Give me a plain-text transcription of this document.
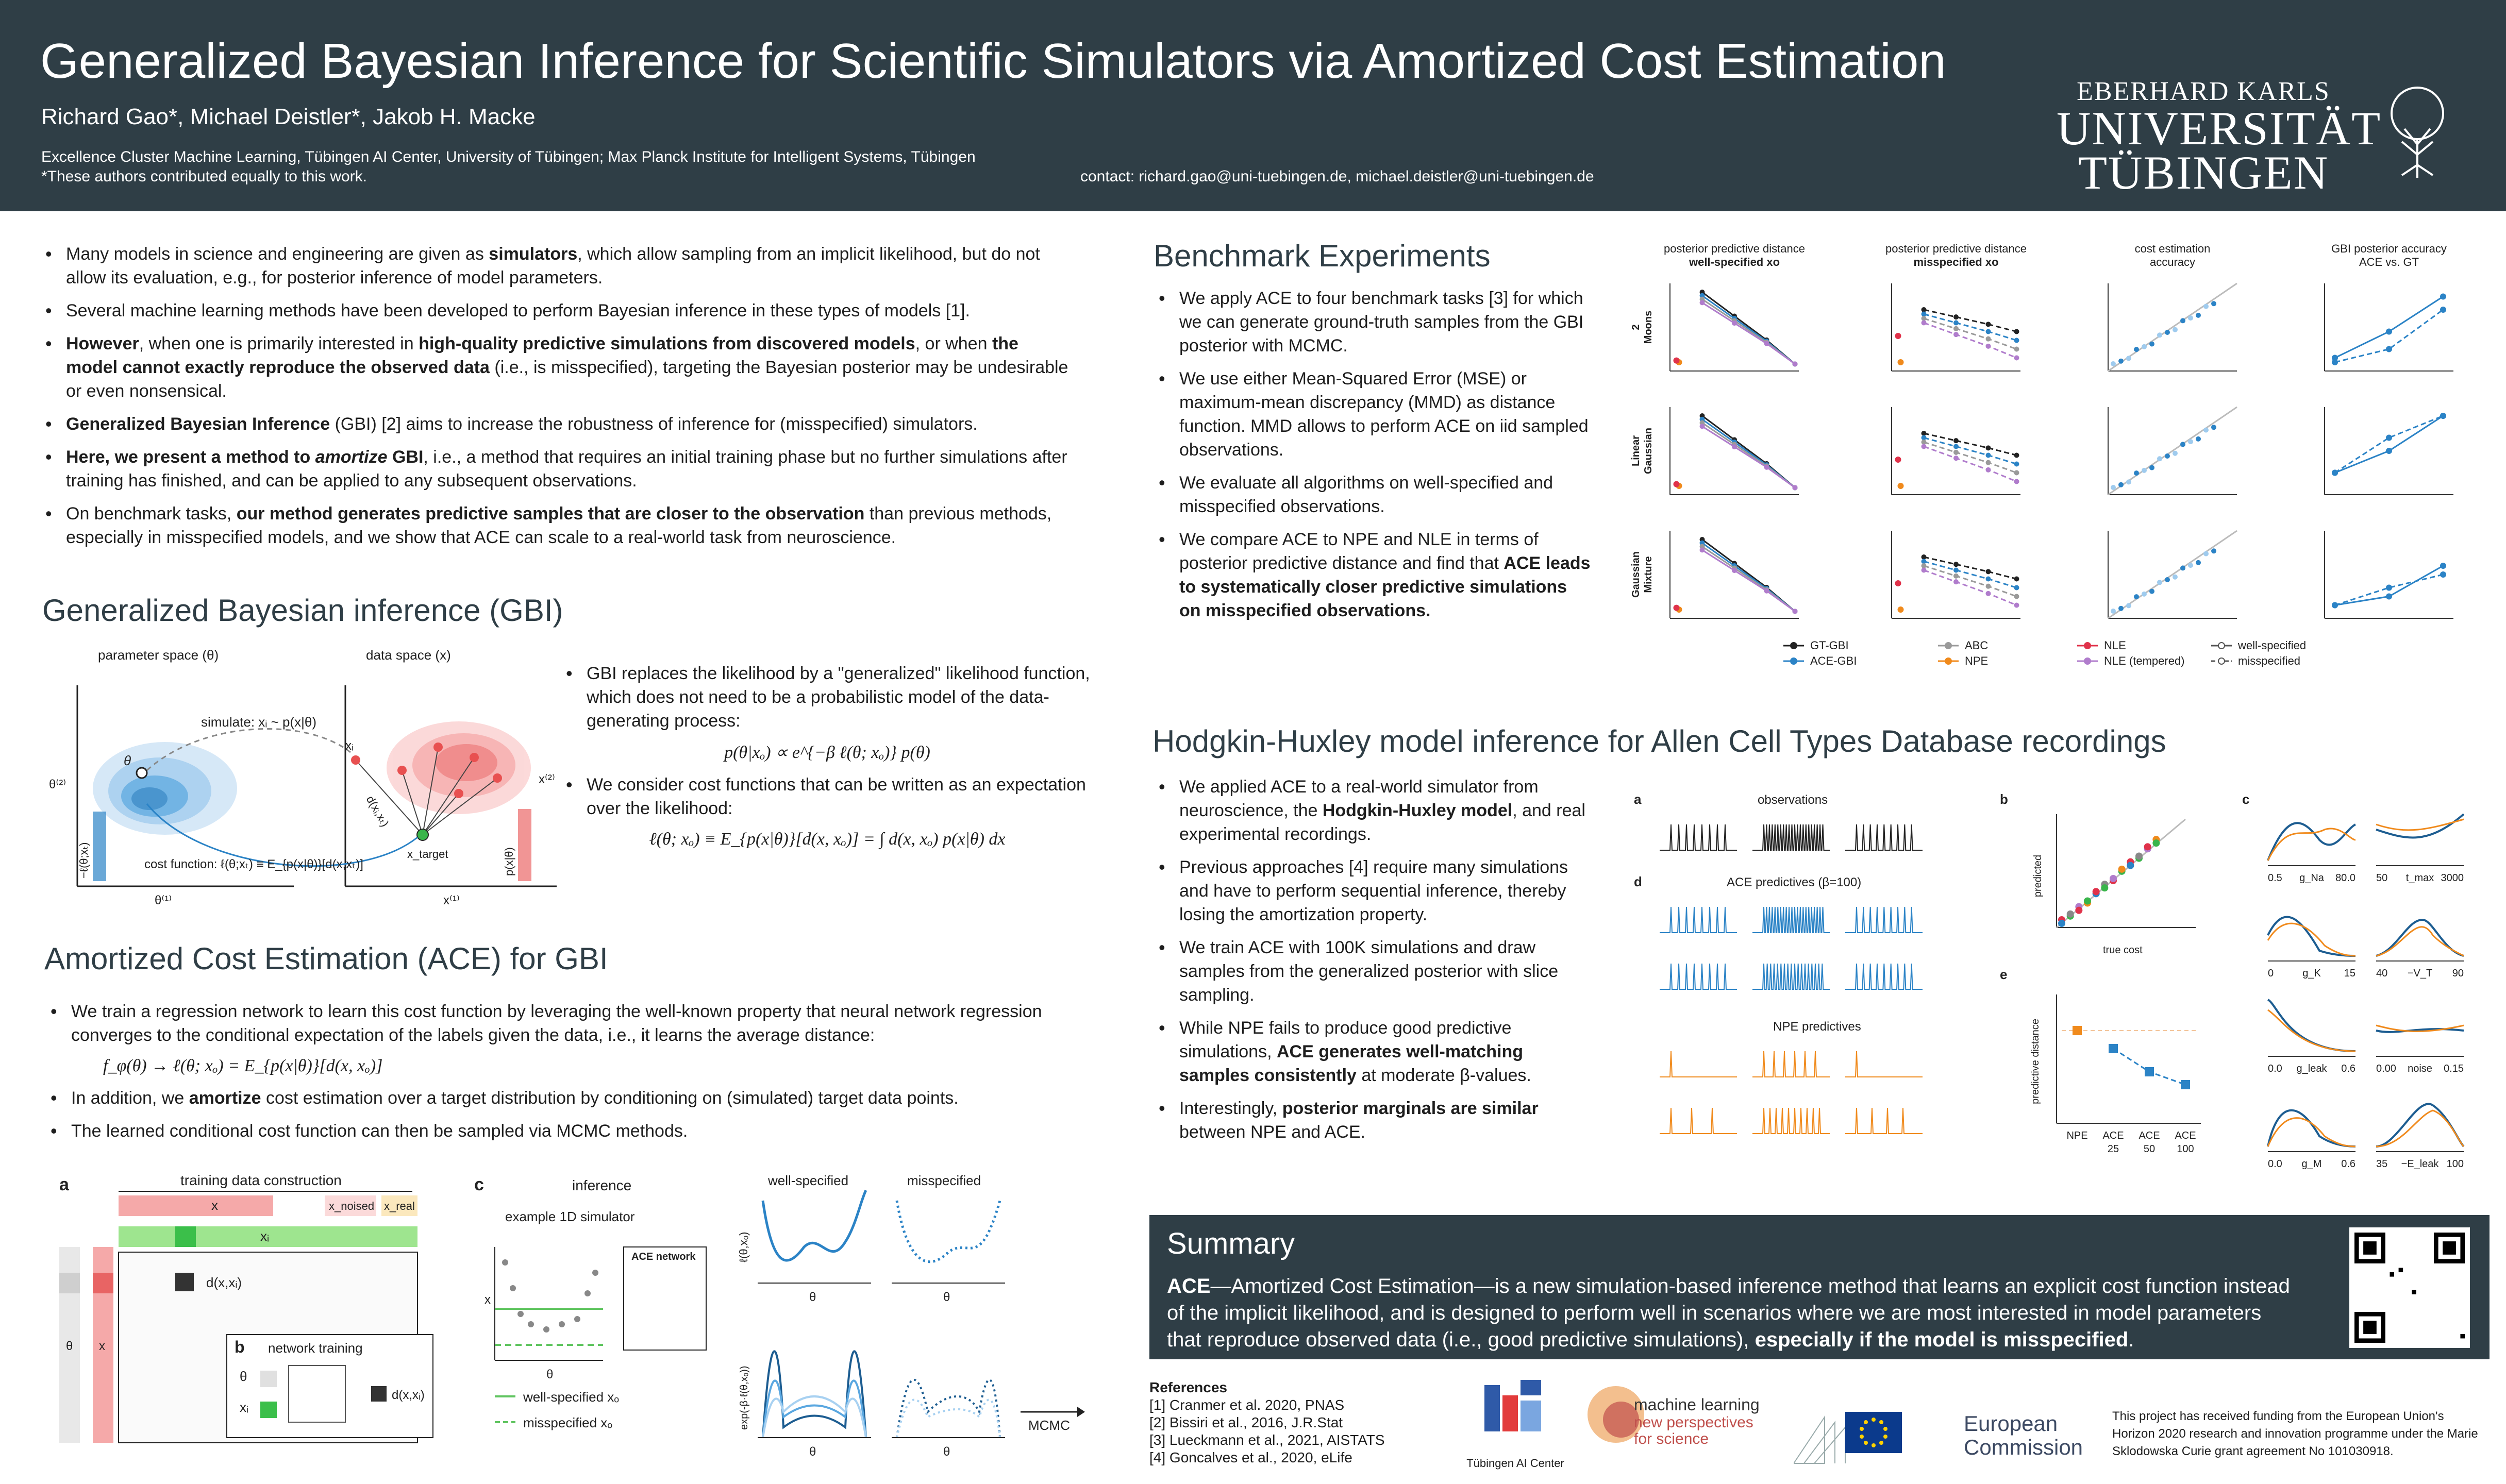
Generalized Bayesian Inference for Scientific Simulators via Amortized Cost Estimation
Richard Gao*, Michael Deistler*, Jakob H. Macke
Excellence Cluster Machine Learning, Tübingen AI Center, University of Tübingen; Max Planck Institute for Intelligent Systems, Tübingen
*These authors contributed equally to this work.	contact: richard.gao@uni-tuebingen.de, michael.deistler@uni-tuebingen.de
EBERHARD KARLS
UNIVERSITÄT
TÜBINGEN
• Many models in science and engineering are given as simulators, which allow sampling from an implicit likelihood, but do not allow its evaluation, e.g., for posterior inference of model parameters.
• Several machine learning methods have been developed to perform Bayesian inference in these types of models [1].
• However, when one is primarily interested in high-quality predictive simulations from discovered models, or when the model cannot exactly reproduce the observed data (i.e., is misspecified), targeting the Bayesian posterior may be undesirable or even nonsensical.
• Generalized Bayesian Inference (GBI) [2] aims to increase the robustness of inference for (misspecified) simulators.
• Here, we present a method to amortize GBI, i.e., a method that requires an initial training phase but no further simulations after training has finished, and can be applied to any subsequent observations.
• On benchmark tasks, our method generates predictive samples that are closer to the observation than previous methods, especially in misspecified models, and we show that ACE can scale to a real-world task from neuroscience.
Generalized Bayesian inference (GBI)
parameter space (θ)	data space (x)
θ⁽²⁾
θ⁽¹⁾
θ
−ℓ(θ;xₜ)
simulate: xᵢ ~ p(x|θ)
x⁽²⁾
x⁽¹⁾
xᵢ
d(xᵢ,xₜ)
x_target
cost function: ℓ(θ;xₜ) ≡ E_{p(x|θ)}[d(x,xₜ)]	p(x|θ)
• GBI replaces the likelihood by a "generalized" likelihood function, which does not need to be a probabilistic model of the data-generating process:
p(θ|xₒ) ∝ e^{−β ℓ(θ; xₒ)} p(θ)
• We consider cost functions that can be written as an expectation over the likelihood:
ℓ(θ; xₒ) ≡ E_{p(x|θ)}[d(x, xₒ)] = ∫ d(x, xₒ) p(x|θ) dx
Amortized Cost Estimation (ACE) for GBI
• We train a regression network to learn this cost function by leveraging the well-known property that neural network regression converges to the conditional expectation of the labels given the data, i.e., it learns the average distance:
f_φ(θ) → ℓ(θ; xₒ) = E_{p(x|θ)}[d(x, xₒ)]
• In addition, we amortize cost estimation over a target distribution by conditioning on (simulated) target data points.
• The learned conditional cost function can then be sampled via MCMC methods.
a	training data construction
x	x_noised x_real
xᵢ
θ x
d(x,xᵢ)
b network training
θ
xᵢ
d(x,xᵢ)
c	inference
example 1D simulator
x
θ
ACE network
well-specified xₒ
misspecified xₒ
well-specified	misspecified
ℓ(θ,xₒ)
θ	θ
exp(-β·ℓ(θ,xₒ))
θ	θ
MCMC
Benchmark Experiments
• We apply ACE to four benchmark tasks [3] for which we can generate ground-truth samples from the GBI posterior with MCMC.
• We use either Mean-Squared Error (MSE) or maximum-mean discrepancy (MMD) as distance function. MMD allows to perform ACE on iid sampled observations.
• We evaluate all algorithms on well-specified and misspecified observations.
• We compare ACE to NPE and NLE in terms of posterior predictive distance and find that ACE leads to systematically closer predictive simulations on misspecified observations.
posterior predictive distance
well-specified xo
posterior predictive distance
misspecified xo
cost estimation
accuracy
GBI posterior accuracy
ACE vs. GT
2 Moons
Linear Gaussian
Gaussian Mixture
GT-GBI
ACE-GBI
ABC
NPE
NLE
NLE (tempered)
well-specified
misspecified
Hodgkin-Huxley model inference for Allen Cell Types Database recordings
• We applied ACE to a real-world simulator from neuroscience, the Hodgkin-Huxley model, and real experimental recordings.
• Previous approaches [4] require many simulations and have to perform sequential inference, thereby losing the amortization property.
• We train ACE with 100K simulations and draw samples from the generalized posterior with slice sampling.
• While NPE fails to produce good predictive simulations, ACE generates well-matching samples consistently at moderate β-values.
• Interestingly, posterior marginals are similar between NPE and ACE.
a	observations
d	ACE predictives (β=100)
NPE predictives
b
predicted
true cost
e
NPE ACE
25
ACE
50
ACE
100
predictive distance
c
0.5 g_Na 80.0 50 t_max 3000
0	g_K 15 40 −V_T 90
0.0 g_leak 0.6 0.00 noise 0.15
0.0 g_M 0.6 35 −E_leak 100
Summary
ACE—Amortized Cost Estimation—is a new simulation-based inference method that learns an explicit cost function instead of the implicit likelihood, and is designed to perform well in scenarios where we are most interested in model parameters that reproduce observed data (i.e., good predictive simulations), especially if the model is misspecified.
References
[1] Cranmer et al. 2020, PNAS
[2] Bissiri et al., 2016, J.R.Stat
[3] Lueckmann et al., 2021, AISTATS
[4] Goncalves et al., 2020, eLife	Tübingen AI Center
machine learning
new perspectives
for science
European
Commission
This project has received funding from the European Union's Horizon 2020 research and innovation programme under the Marie Sklodowska Curie grant agreement No 101030918.
